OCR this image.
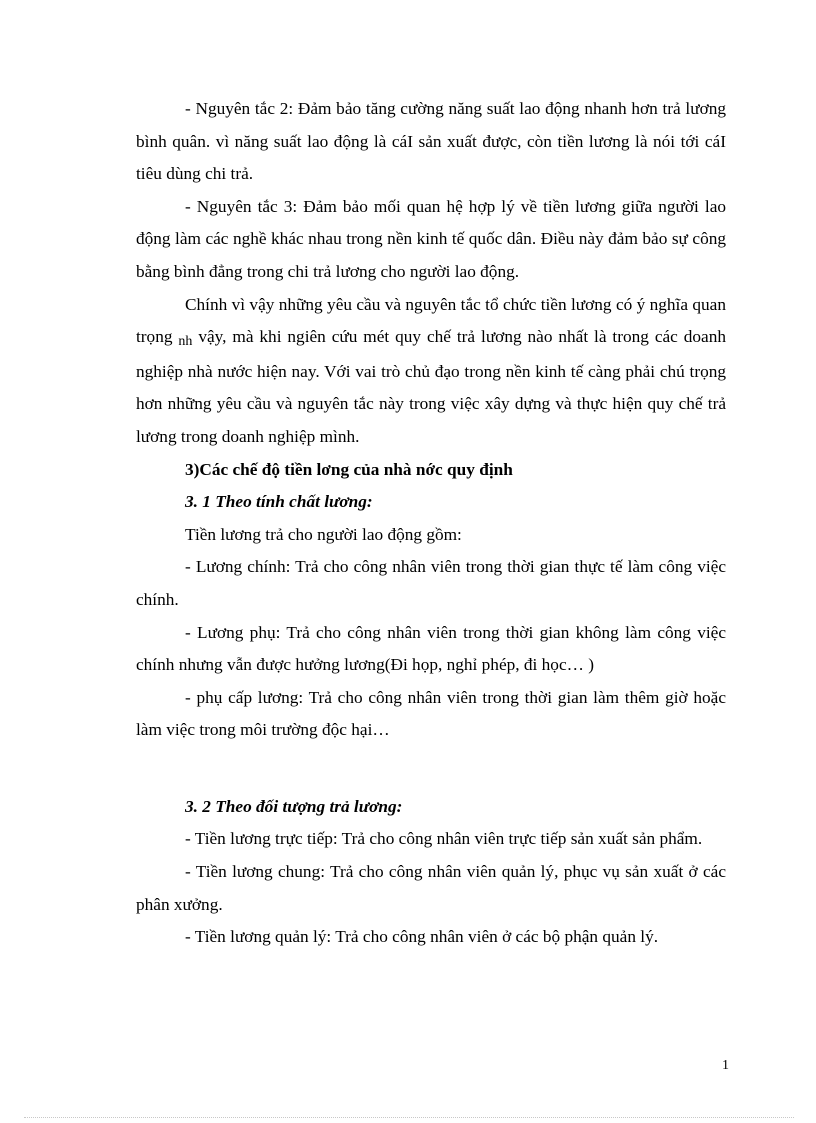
- Nguyên tắc 2: Đảm bảo tăng cường năng suất lao động nhanh hơn trả lương bình quân. vì năng suất lao động là cáI sản xuất được, còn tiền lương là nói tới cáI tiêu dùng chi trả.

- Nguyên tắc 3: Đảm bảo mối quan hệ hợp lý về tiền lương giữa người lao động làm các nghề khác nhau trong nền kinh tế quốc dân. Điều này đảm bảo sự công bằng bình đẳng trong chi trả lương cho người lao động.

Chính vì vậy những yêu cầu và nguyên tắc tổ chức tiền lương có ý nghĩa quan trọng nh vậy, mà khi ngiên cứu mét quy chế trả lương nào nhất là trong các doanh nghiệp nhà nước hiện nay. Với vai trò chủ đạo trong nền kinh tế càng phải chú trọng hơn những yêu cầu và nguyên tắc này trong việc xây dựng và thực hiện quy chế trả lương trong doanh nghiệp mình.

3)Các chế độ tiền lơng của nhà nớc quy định

3. 1 Theo tính chất lương:

Tiền lương trả cho người lao động gồm:

- Lương chính: Trả cho công nhân viên trong thời gian thực tế làm công việc chính.

- Lương phụ: Trả cho công nhân viên trong thời gian không làm công việc chính nhưng vẫn được hưởng lương(Đi họp, nghỉ phép, đi học… )

- phụ cấp lương: Trả cho công nhân viên trong thời gian làm thêm giờ hoặc làm việc trong môi trường độc hại…

3. 2 Theo đối tượng trả lương:

- Tiền lương trực tiếp: Trả cho công nhân viên trực tiếp sản xuất sản phẩm.

- Tiền lương chung: Trả cho công nhân viên quản lý, phục vụ sản xuất ở các phân xưởng.

- Tiền lương quản lý: Trả cho công nhân viên ở các bộ phận quản lý.

1
